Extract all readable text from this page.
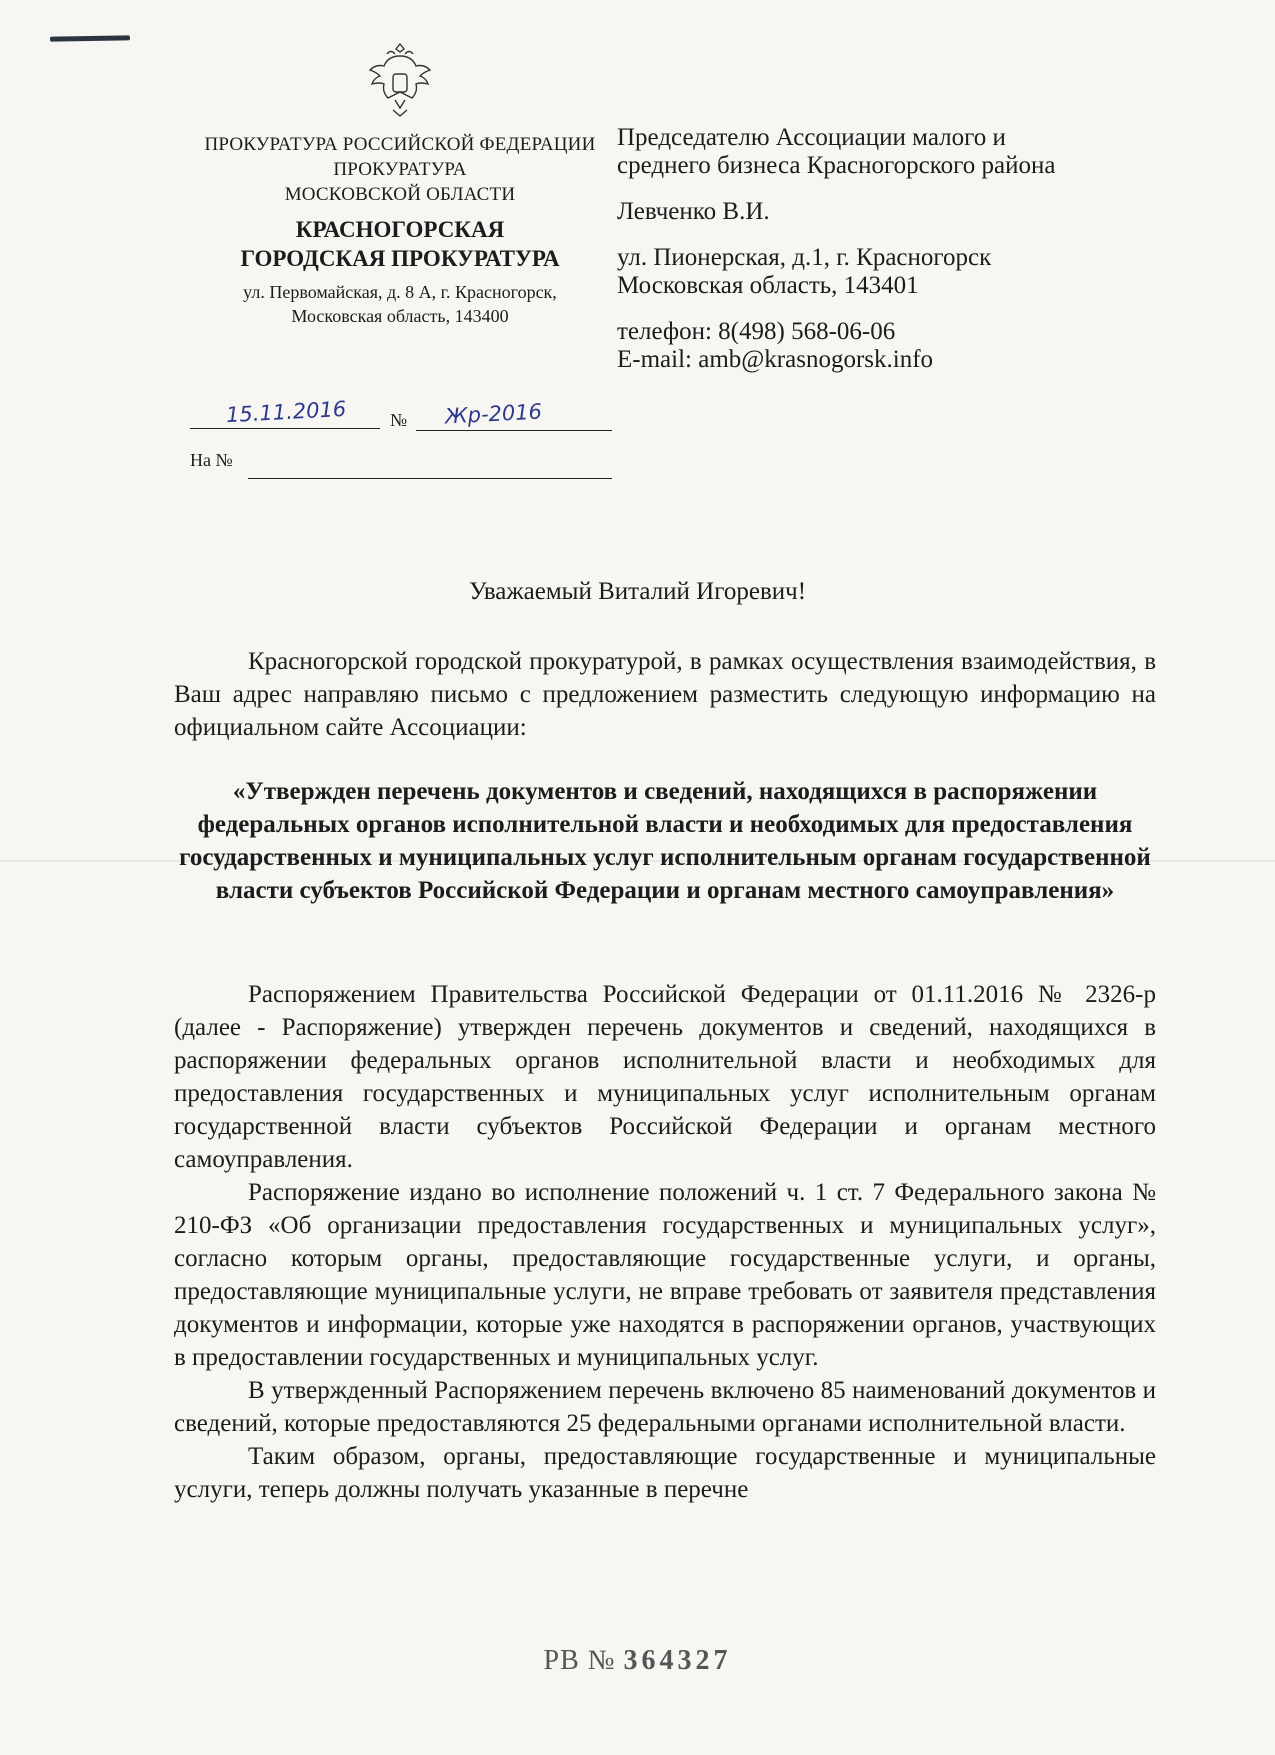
ПРОКУРАТУРА РОССИЙСКОЙ ФЕДЕРАЦИИ
ПРОКУРАТУРА
МОСКОВСКОЙ ОБЛАСТИ
КРАСНОГОРСКАЯ
ГОРОДСКАЯ ПРОКУРАТУРА
ул. Первомайская, д. 8 А, г. Красногорск,
Московская область, 143400
15.11.2016 № Жр-2016
На №
Председателю Ассоциации малого и
среднего бизнеса Красногорского района
Левченко В.И.
ул. Пионерская, д.1, г. Красногорск
Московская область, 143401
телефон: 8(498) 568-06-06
E-mail: amb@krasnogorsk.info
Уважаемый Виталий Игоревич!

Красногорской городской прокуратурой, в рамках осуществления взаимодействия, в Ваш адрес направляю письмо с предложением разместить следующую информацию на официальном сайте Ассоциации:

«Утвержден перечень документов и сведений, находящихся в распоряжении федеральных органов исполнительной власти и необходимых для предоставления государственных и муниципальных услуг исполнительным органам государственной власти субъектов Российской Федерации и органам местного самоуправления»

Распоряжением Правительства Российской Федерации от 01.11.2016 № 2326-р (далее - Распоряжение) утвержден перечень документов и сведений, находящихся в распоряжении федеральных органов исполнительной власти и необходимых для предоставления государственных и муниципальных услуг исполнительным органам государственной власти субъектов Российской Федерации и органам местного самоуправления.

Распоряжение издано во исполнение положений ч. 1 ст. 7 Федерального закона № 210-ФЗ «Об организации предоставления государственных и муниципальных услуг», согласно которым органы, предоставляющие государственные услуги, и органы, предоставляющие муниципальные услуги, не вправе требовать от заявителя представления документов и информации, которые уже находятся в распоряжении органов, участвующих в предоставлении государственных и муниципальных услуг.

В утвержденный Распоряжением перечень включено 85 наименований документов и сведений, которые предоставляются 25 федеральными органами исполнительной власти.

Таким образом, органы, предоставляющие государственные и муниципальные услуги, теперь должны получать указанные в перечне

РВ № 364327
